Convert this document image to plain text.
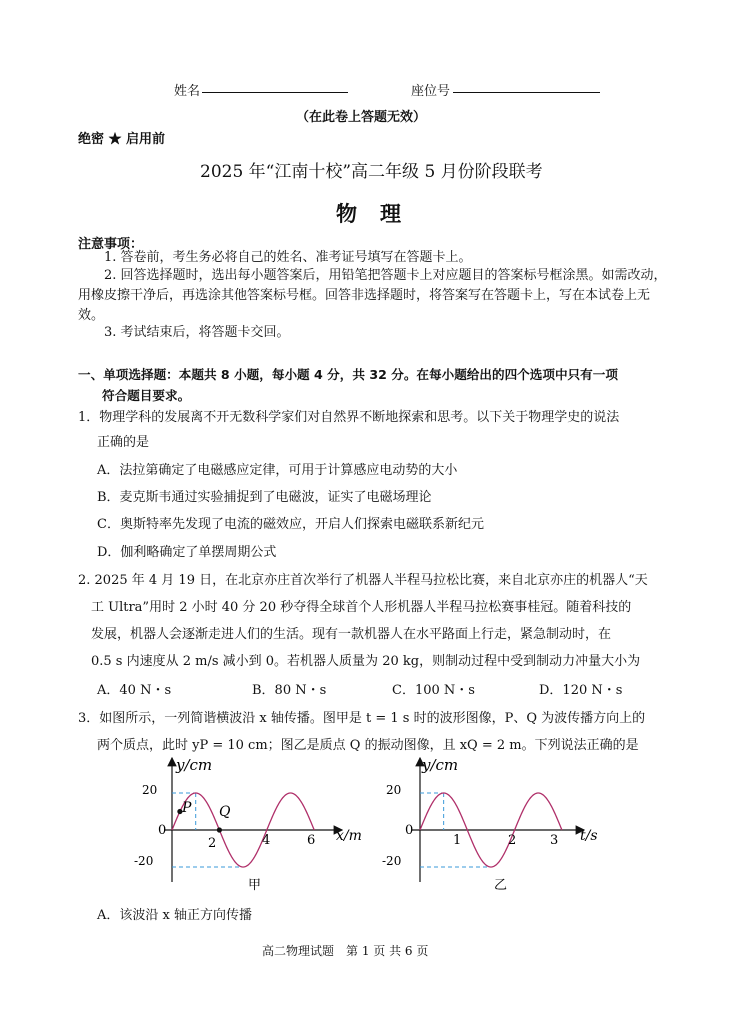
姓名	座位号
（在此卷上答题无效）
绝密 ★ 启用前
2025 年“江南十校”高二年级 5 月份阶段联考
物　理
注意事项：
1. 答卷前，考生务必将自己的姓名、准考证号填写在答题卡上。
2. 回答选择题时，选出每小题答案后，用铅笔把答题卡上对应题目的答案标号框涂黑。如需改动，用橡皮擦干净后，再选涂其他答案标号框。回答非选择题时，将答案写在答题卡上，写在本试卷上无效。
3. 考试结束后，将答题卡交回。
一、单项选择题：本题共 8 小题，每小题 4 分，共 32 分。在每小题给出的四个选项中只有一项
符合题目要求。
1．物理学科的发展离不开无数科学家们对自然界不断地探索和思考。以下关于物理学史的说法
正确的是
A．法拉第确定了电磁感应定律，可用于计算感应电动势的大小
B．麦克斯韦通过实验捕捉到了电磁波，证实了电磁场理论
C．奥斯特率先发现了电流的磁效应，开启人们探索电磁联系新纪元
D．伽利略确定了单摆周期公式
2. 2025 年 4 月 19 日，在北京亦庄首次举行了机器人半程马拉松比赛，来自北京亦庄的机器人“天
工 Ultra”用时 2 小时 40 分 20 秒夺得全球首个人形机器人半程马拉松赛事桂冠。随着科技的
发展，机器人会逐渐走进人们的生活。现有一款机器人在水平路面上行走，紧急制动时，在
0.5 s 内速度从 2 m/s 减小到 0。若机器人质量为 20 kg，则制动过程中受到制动力冲量大小为
A．40 N・s	B．80 N・s	C．100 N・s	D．120 N・s
3．如图所示，一列简谐横波沿 x 轴传播。图甲是 t = 1 s 时的波形图像，P、Q 为波传播方向上的
两个质点，此时 yP = 10 cm；图乙是质点 Q 的振动图像，且 xQ = 2 m。下列说法正确的是
y/cm
x/m
0
20
-20
2	4	6
P Q
甲
y/cm
t/s
0
20
-20
1	2	3
乙
A．该波沿 x 轴正方向传播
高二物理试题　第 1 页 共 6 页
